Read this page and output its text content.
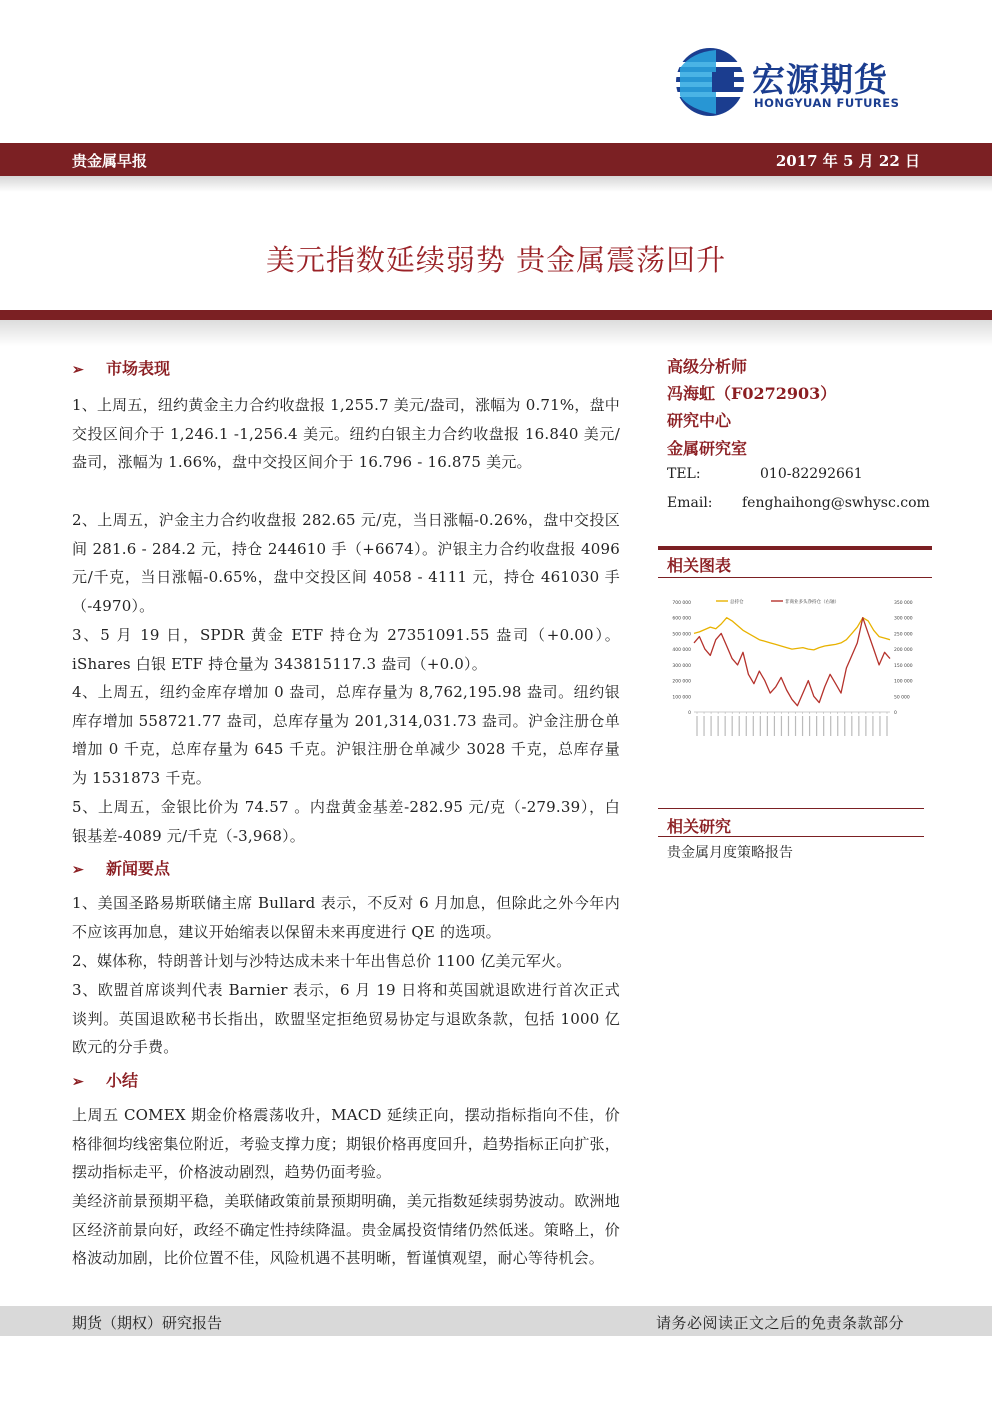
宏源期货
HONGYUAN FUTURES
贵金属早报	2017 年 5 月 22 日
美元指数延续弱势 贵金属震荡回升
➢ 市场表现
1、上周五，纽约黄金主力合约收盘报 1,255.7 美元/盎司，涨幅为 0.71%，盘中交投区间介于 1,246.1 -1,256.4 美元。纽约白银主力合约收盘报 16.840 美元/盎司，涨幅为 1.66%，盘中交投区间介于 16.796 - 16.875 美元。
2、上周五，沪金主力合约收盘报 282.65 元/克，当日涨幅-0.26%，盘中交投区间 281.6 - 284.2 元，持仓 244610 手（+6674）。沪银主力合约收盘报 4096 元/千克，当日涨幅-0.65%，盘中交投区间 4058 - 4111 元，持仓 461030 手（-4970）。
3、5 月 19 日，SPDR 黄金 ETF 持仓为 27351091.55 盎司（+0.00）。iShares 白银 ETF 持仓量为 343815117.3 盎司（+0.0）。
4、上周五，纽约金库存增加 0 盎司，总库存量为 8,762,195.98 盎司。纽约银库存增加 558721.77 盎司，总库存量为 201,314,031.73 盎司。沪金注册仓单增加 0 千克，总库存量为 645 千克。沪银注册仓单减少 3028 千克，总库存量为 1531873 千克。
5、上周五，金银比价为 74.57 。内盘黄金基差-282.95 元/克（-279.39），白银基差-4089 元/千克（-3,968）。
➢ 新闻要点
1、美国圣路易斯联储主席 Bullard 表示，不反对 6 月加息，但除此之外今年内不应该再加息，建议开始缩表以保留未来再度进行 QE 的选项。
2、媒体称，特朗普计划与沙特达成未来十年出售总价 1100 亿美元军火。
3、欧盟首席谈判代表 Barnier 表示，6 月 19 日将和英国就退欧进行首次正式谈判。英国退欧秘书长指出，欧盟坚定拒绝贸易协定与退欧条款，包括 1000 亿欧元的分手费。
➢ 小结
上周五 COMEX 期金价格震荡收升，MACD 延续正向，摆动指标指向不佳，价格徘徊均线密集位附近，考验支撑力度；期银价格再度回升，趋势指标正向扩张，摆动指标走平，价格波动剧烈，趋势仍面考验。
美经济前景预期平稳，美联储政策前景预期明确，美元指数延续弱势波动。欧洲地区经济前景向好，政经不确定性持续降温。贵金属投资情绪仍然低迷。策略上，价格波动加剧，比价位置不佳，风险机遇不甚明晰，暂谨慎观望，耐心等待机会。
高级分析师
冯海虹（F0272903）
研究中心
金属研究室
TEL:	010-82292661
Email: fenghaihong@swhysc.com
相关图表
0
100 000
200 000
300 000
400 000
500 000
600 000
700 000
0
50 000
100 000
150 000
200 000
250 000
300 000
350 000
总持仓	非商业多头净持仓（右轴）
相关研究
贵金属月度策略报告
期货（期权）研究报告	请务必阅读正文之后的免责条款部分
